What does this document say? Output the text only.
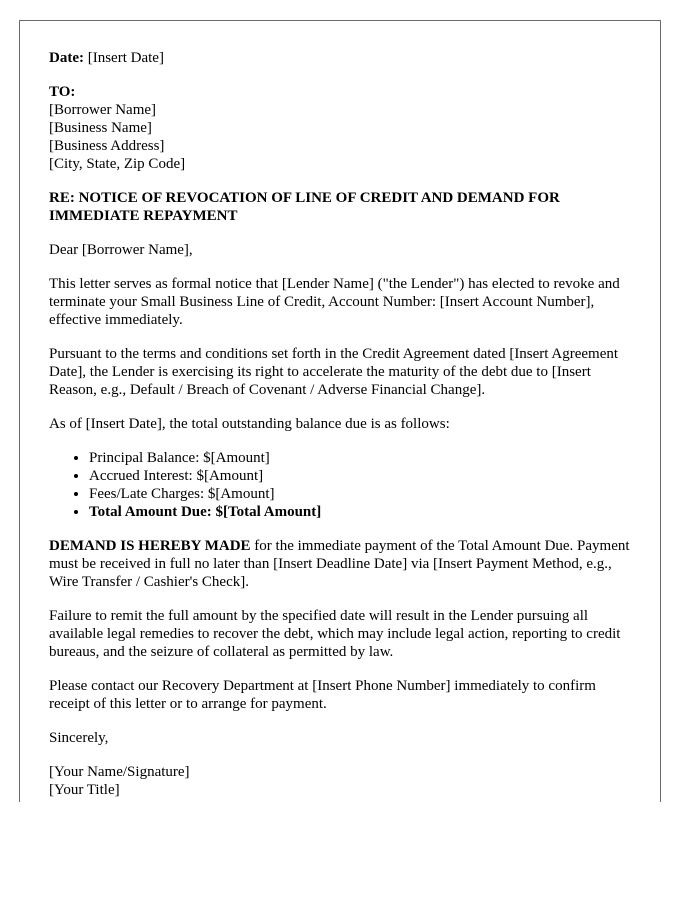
Date: [Insert Date]
TO:
[Borrower Name]
[Business Name]
[Business Address]
[City, State, Zip Code]
RE: NOTICE OF REVOCATION OF LINE OF CREDIT AND DEMAND FOR IMMEDIATE REPAYMENT
Dear [Borrower Name],
This letter serves as formal notice that [Lender Name] ("the Lender") has elected to revoke and terminate your Small Business Line of Credit, Account Number: [Insert Account Number], effective immediately.
Pursuant to the terms and conditions set forth in the Credit Agreement dated [Insert Agreement Date], the Lender is exercising its right to accelerate the maturity of the debt due to [Insert Reason, e.g., Default / Breach of Covenant / Adverse Financial Change].
As of [Insert Date], the total outstanding balance due is as follows:
• Principal Balance: $[Amount]
• Accrued Interest: $[Amount]
• Fees/Late Charges: $[Amount]
• Total Amount Due: $[Total Amount]
DEMAND IS HEREBY MADE for the immediate payment of the Total Amount Due. Payment must be received in full no later than [Insert Deadline Date] via [Insert Payment Method, e.g., Wire Transfer / Cashier's Check].
Failure to remit the full amount by the specified date will result in the Lender pursuing all available legal remedies to recover the debt, which may include legal action, reporting to credit bureaus, and the seizure of collateral as permitted by law.
Please contact our Recovery Department at [Insert Phone Number] immediately to confirm receipt of this letter or to arrange for payment.
Sincerely,
[Your Name/Signature]
[Your Title]
